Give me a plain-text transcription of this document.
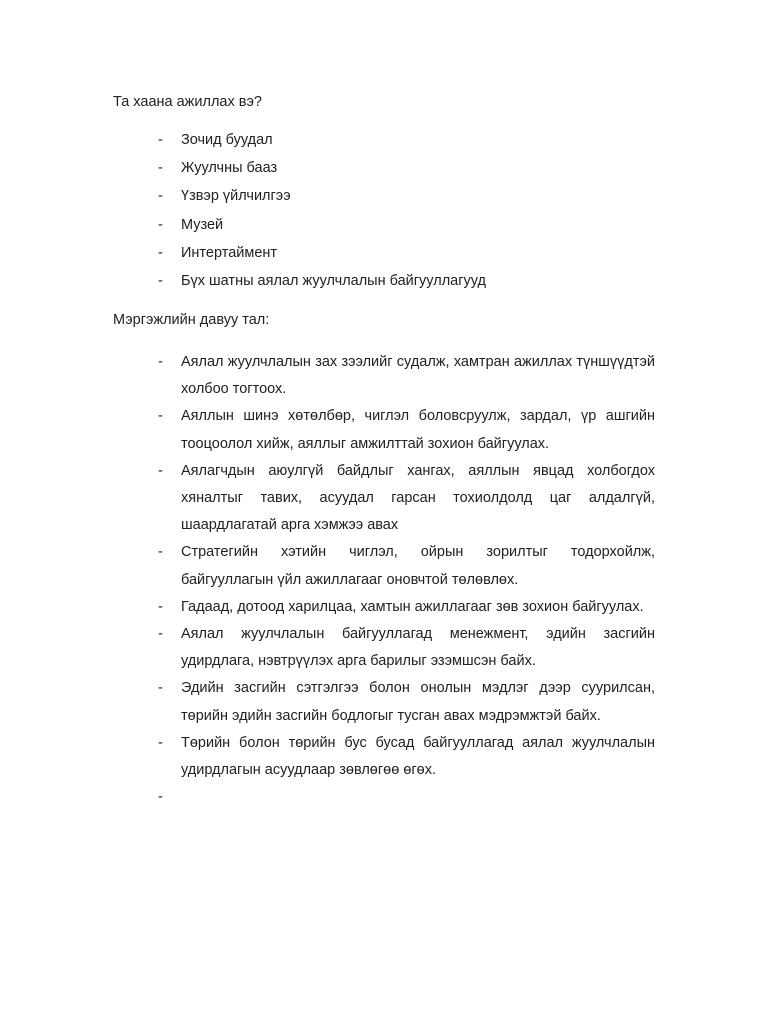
Та хаана ажиллах вэ?
- Зочид буудал
- Жуулчны бааз
- Үзвэр үйлчилгээ
- Музей
- Интертаймент
- Бүх шатны аялал жуулчлалын байгууллагууд
Мэргэжлийн давуу тал:
- Аялал жуулчлалын зах зээлийг судалж, хамтран ажиллах түншүүдтэй холбоо тогтоох.
- Аяллын шинэ хөтөлбөр, чиглэл боловсруулж, зардал, үр ашгийн тооцоолол хийж, аяллыг амжилттай зохион байгуулах.
- Аялагчдын аюулгүй байдлыг хангах, аяллын явцад холбогдох хяналтыг тавих, асуудал гарсан тохиолдолд цаг алдалгүй, шаардлагатай арга хэмжээ авах
- Стратегийн хэтийн чиглэл, ойрын зорилтыг тодорхойлж, байгууллагын үйл ажиллагааг оновчтой төлөвлөх.
- Гадаад, дотоод харилцаа, хамтын ажиллагааг зөв зохион байгуулах.
- Аялал жуулчлалын байгууллагад менежмент, эдийн засгийн удирдлага, нэвтрүүлэх арга барилыг эзэмшсэн байх.
- Эдийн засгийн сэтгэлгээ болон онолын мэдлэг дээр суурилсан, төрийн эдийн засгийн бодлогыг тусган авах мэдрэмжтэй байх.
- Төрийн болон төрийн бус бусад байгууллагад аялал жуулчлалын удирдлагын асуудлаар зөвлөгөө өгөх.
-
